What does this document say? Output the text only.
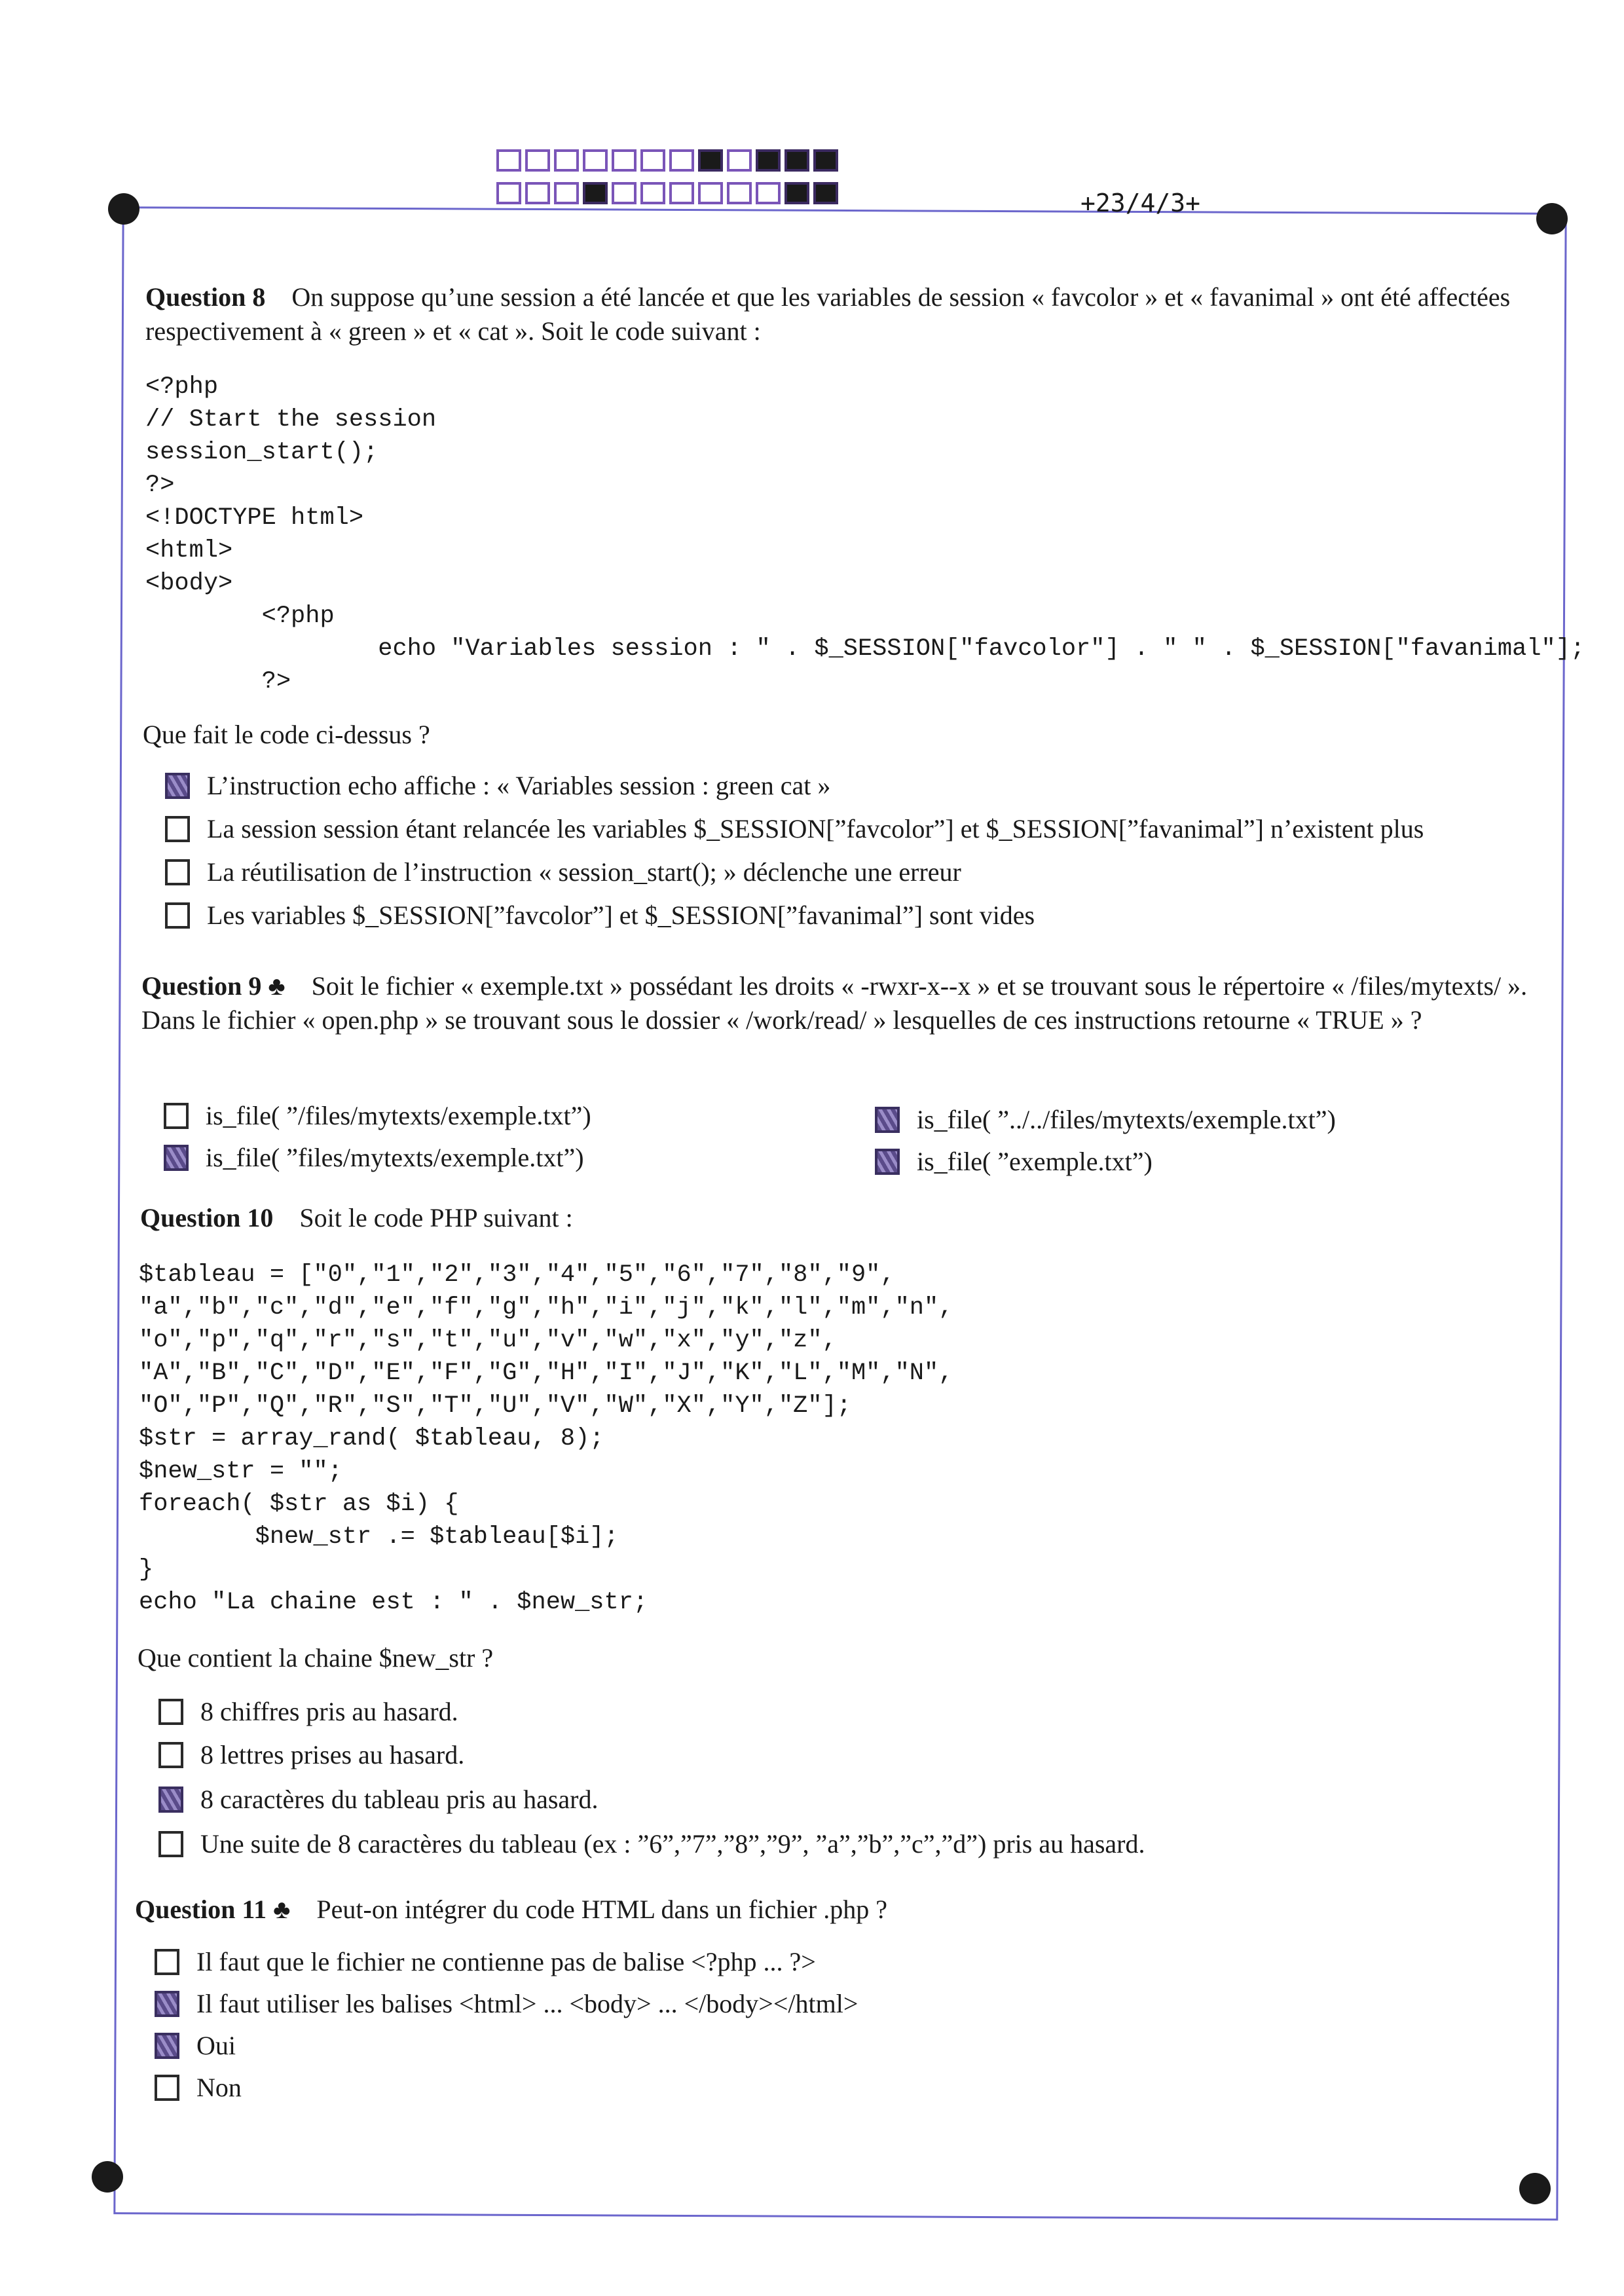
+23/4/3+
Question 8 On suppose qu’une session a été lancée et que les variables de session « favcolor » et « favanimal » ont été affectées respectivement à « green » et « cat ». Soit le code suivant :
<?php
// Start the session
session_start();
?>
<!DOCTYPE html>
<html>
<body>
<?php
echo "Variables session : " . $_SESSION["favcolor"] . " " . $_SESSION["favanimal"];
?>
Que fait le code ci-dessus ?
L’instruction echo affiche : « Variables session : green cat »
La session session étant relancée les variables $_SESSION[”favcolor”] et $_SESSION[”favanimal”] n’existent plus
La réutilisation de l’instruction « session_start(); » déclenche une erreur
Les variables $_SESSION[”favcolor”] et $_SESSION[”favanimal”] sont vides
Question 9 ♣ Soit le fichier « exemple.txt » possédant les droits « -rwxr-x--x » et se trouvant sous le répertoire « /files/mytexts/ ». Dans le fichier « open.php » se trouvant sous le dossier « /work/read/ » lesquelles de ces instructions retourne « TRUE » ?
is_file( ”/files/mytexts/exemple.txt”)
is_file( ”files/mytexts/exemple.txt”)
is_file( ”../../files/mytexts/exemple.txt”)
is_file( ”exemple.txt”)
Question 10 Soit le code PHP suivant :
$tableau = ["0","1","2","3","4","5","6","7","8","9",
"a","b","c","d","e","f","g","h","i","j","k","l","m","n",
"o","p","q","r","s","t","u","v","w","x","y","z",
"A","B","C","D","E","F","G","H","I","J","K","L","M","N",
"O","P","Q","R","S","T","U","V","W","X","Y","Z"];
$str = array_rand( $tableau, 8);
$new_str = "";
foreach( $str as $i) {
$new_str .= $tableau[$i];
}
echo "La chaine est : " . $new_str;
Que contient la chaine $new_str ?
8 chiffres pris au hasard.
8 lettres prises au hasard.
8 caractères du tableau pris au hasard.
Une suite de 8 caractères du tableau (ex : ”6”,”7”,”8”,”9”, ”a”,”b”,”c”,”d”) pris au hasard.
Question 11 ♣ Peut-on intégrer du code HTML dans un fichier .php ?
Il faut que le fichier ne contienne pas de balise <?php ... ?>
Il faut utiliser les balises <html> ... <body> ... </body></html>
Oui
Non
